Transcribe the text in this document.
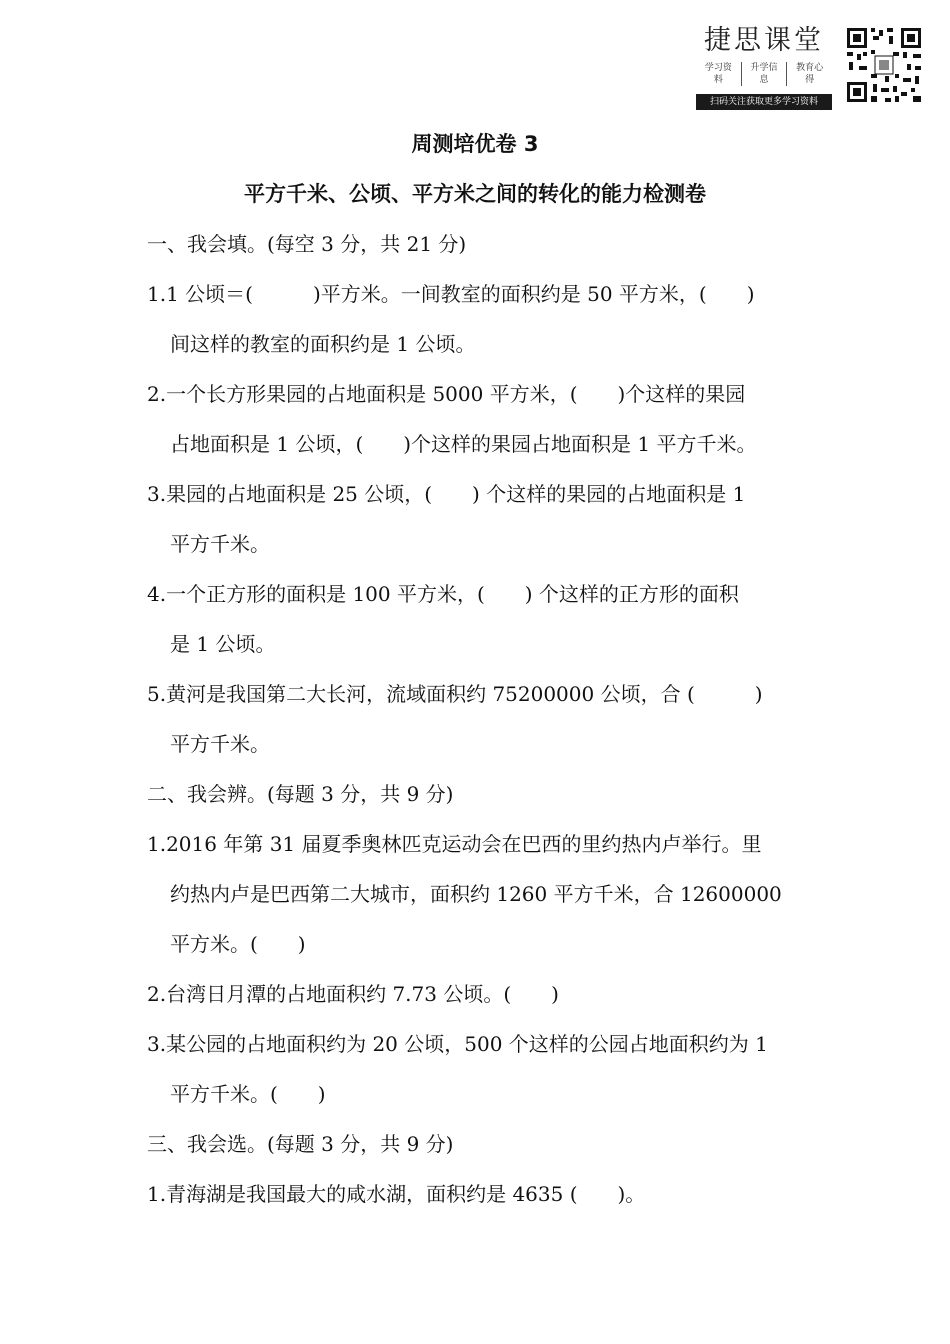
捷思课堂
学习资料
升学信息
教育心得
扫码关注获取更多学习资料
周测培优卷 3
平方千米、公顷、平方米之间的转化的能力检测卷
一、我会填。(每空 3 分，共 21 分)
1.1 公顷＝(　　　)平方米。一间教室的面积约是 50 平方米，(　　)
间这样的教室的面积约是 1 公顷。
2.一个长方形果园的占地面积是 5000 平方米，(　　)个这样的果园
占地面积是 1 公顷，(　　)个这样的果园占地面积是 1 平方千米。
3.果园的占地面积是 25 公顷，(　　) 个这样的果园的占地面积是 1
平方千米。
4.一个正方形的面积是 100 平方米，(　　) 个这样的正方形的面积
是 1 公顷。
5.黄河是我国第二大长河，流域面积约 75200000 公顷，合 (　　　)
平方千米。
二、我会辨。(每题 3 分，共 9 分)
1.2016 年第 31 届夏季奥林匹克运动会在巴西的里约热内卢举行。里
约热内卢是巴西第二大城市，面积约 1260 平方千米，合 12600000
平方米。(　　)
2.台湾日月潭的占地面积约 7.73 公顷。(　　)
3.某公园的占地面积约为 20 公顷，500 个这样的公园占地面积约为 1
平方千米。(　　)
三、我会选。(每题 3 分，共 9 分)
1.青海湖是我国最大的咸水湖，面积约是 4635 (　　)。
